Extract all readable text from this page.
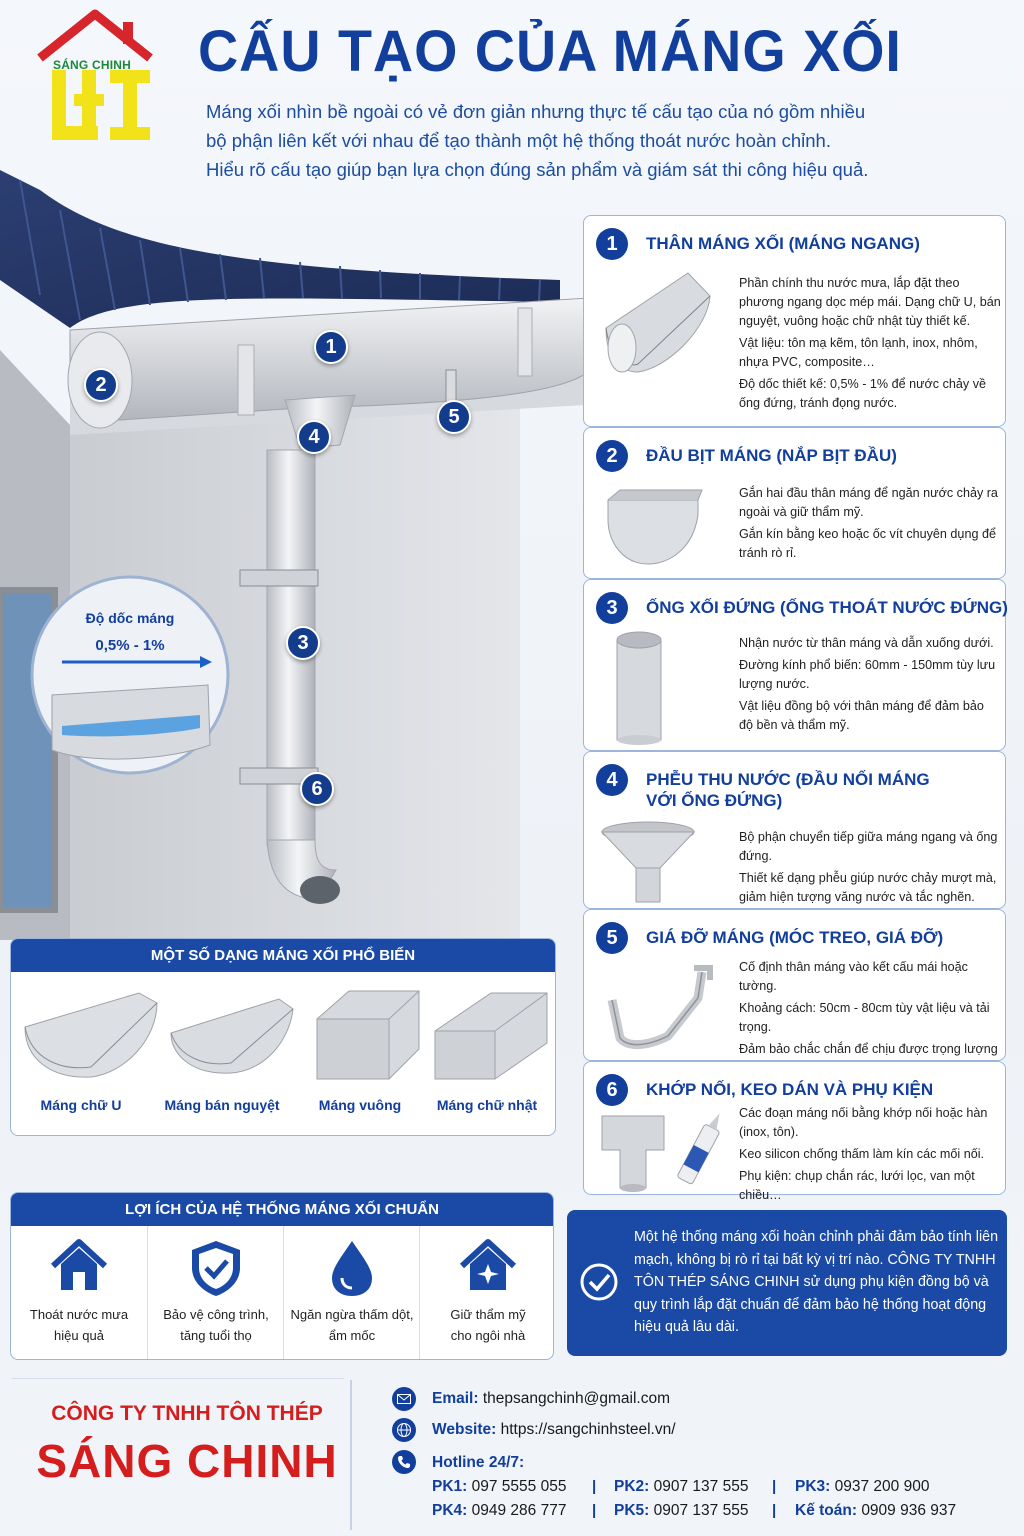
SÁNG CHINH CẤU TẠO CỦA MÁNG XỐI
Máng xối nhìn bề ngoài có vẻ đơn giản nhưng thực tế cấu tạo của nó gồm nhiều
bộ phận liên kết với nhau để tạo thành một hệ thống thoát nước hoàn chỉnh.
Hiểu rõ cấu tạo giúp bạn lựa chọn đúng sản phẩm và giám sát thi công hiệu quả.
1
2
4
5
3
6
Độ dốc máng
0,5% - 1%
1	THÂN MÁNG XỐI (MÁNG NGANG)

Phần chính thu nước mưa, lắp đặt theo phương ngang dọc mép mái. Dạng chữ U, bán nguyệt, vuông hoặc chữ nhật tùy thiết kế.

Vật liệu: tôn mạ kẽm, tôn lạnh, inox, nhôm, nhựa PVC, composite…

Độ dốc thiết kế: 0,5% - 1% để nước chảy về ống đứng, tránh đọng nước.

2	ĐẦU BỊT MÁNG (NẮP BỊT ĐẦU)

Gắn hai đầu thân máng để ngăn nước chảy ra ngoài và giữ thẩm mỹ.

Gắn kín bằng keo hoặc ốc vít chuyên dụng để tránh rò rỉ.

3	ỐNG XỐI ĐỨNG (ỐNG THOÁT NƯỚC ĐỨNG)

Nhận nước từ thân máng và dẫn xuống dưới.

Đường kính phổ biến: 60mm - 150mm tùy lưu lượng nước.

Vật liệu đồng bộ với thân máng để đảm bảo độ bền và thẩm mỹ.

4	PHỄU THU NƯỚC (ĐẦU NỐI MÁNG
VỚI ỐNG ĐỨNG)

Bộ phận chuyển tiếp giữa máng ngang và ống đứng.

Thiết kế dạng phễu giúp nước chảy mượt mà, giảm hiện tượng văng nước và tắc nghẽn.

5	GIÁ ĐỠ MÁNG (MÓC TREO, GIÁ ĐỠ)

Cố định thân máng vào kết cấu mái hoặc tường.

Khoảng cách: 50cm - 80cm tùy vật liệu và tải trọng.

Đảm bảo chắc chắn để chịu được trọng lượng

6	KHỚP NỐI, KEO DÁN VÀ PHỤ KIỆN

Các đoạn máng nối bằng khớp nối hoặc hàn (inox, tôn).

Keo silicon chống thấm làm kín các mối nối.

Phụ kiện: chụp chắn rác, lưới lọc, van một chiều…

MỘT SỐ DẠNG MÁNG XỐI PHỔ BIẾN
Máng chữ U	Máng bán nguyệt	Máng vuông	Máng chữ nhật
LỢI ÍCH CỦA HỆ THỐNG MÁNG XỐI CHUẨN
Thoát nước mưa
hiệu quả
Bảo vệ công trình,
tăng tuổi thọ
Ngăn ngừa thấm dột,
ẩm mốc
Giữ thẩm mỹ
cho ngôi nhà
Một hệ thống máng xối hoàn chỉnh phải đảm bảo tính liên mạch, không bị rò rỉ tại bất kỳ vị trí nào. CÔNG TY TNHH TÔN THÉP SÁNG CHINH sử dụng phụ kiện đồng bộ và quy trình lắp đặt chuẩn để đảm bảo hệ thống hoạt động hiệu quả lâu dài.
CÔNG TY TNHH TÔN THÉP
SÁNG CHINH
Email: thepsangchinh@gmail.com
Website: https://sangchinhsteel.vn/
Hotline 24/7:
PK1: 097 5555 055 | PK2: 0907 137 555 | PK3: 0937 200 900
PK4: 0949 286 777 | PK5: 0907 137 555 | Kế toán: 0909 936 937
